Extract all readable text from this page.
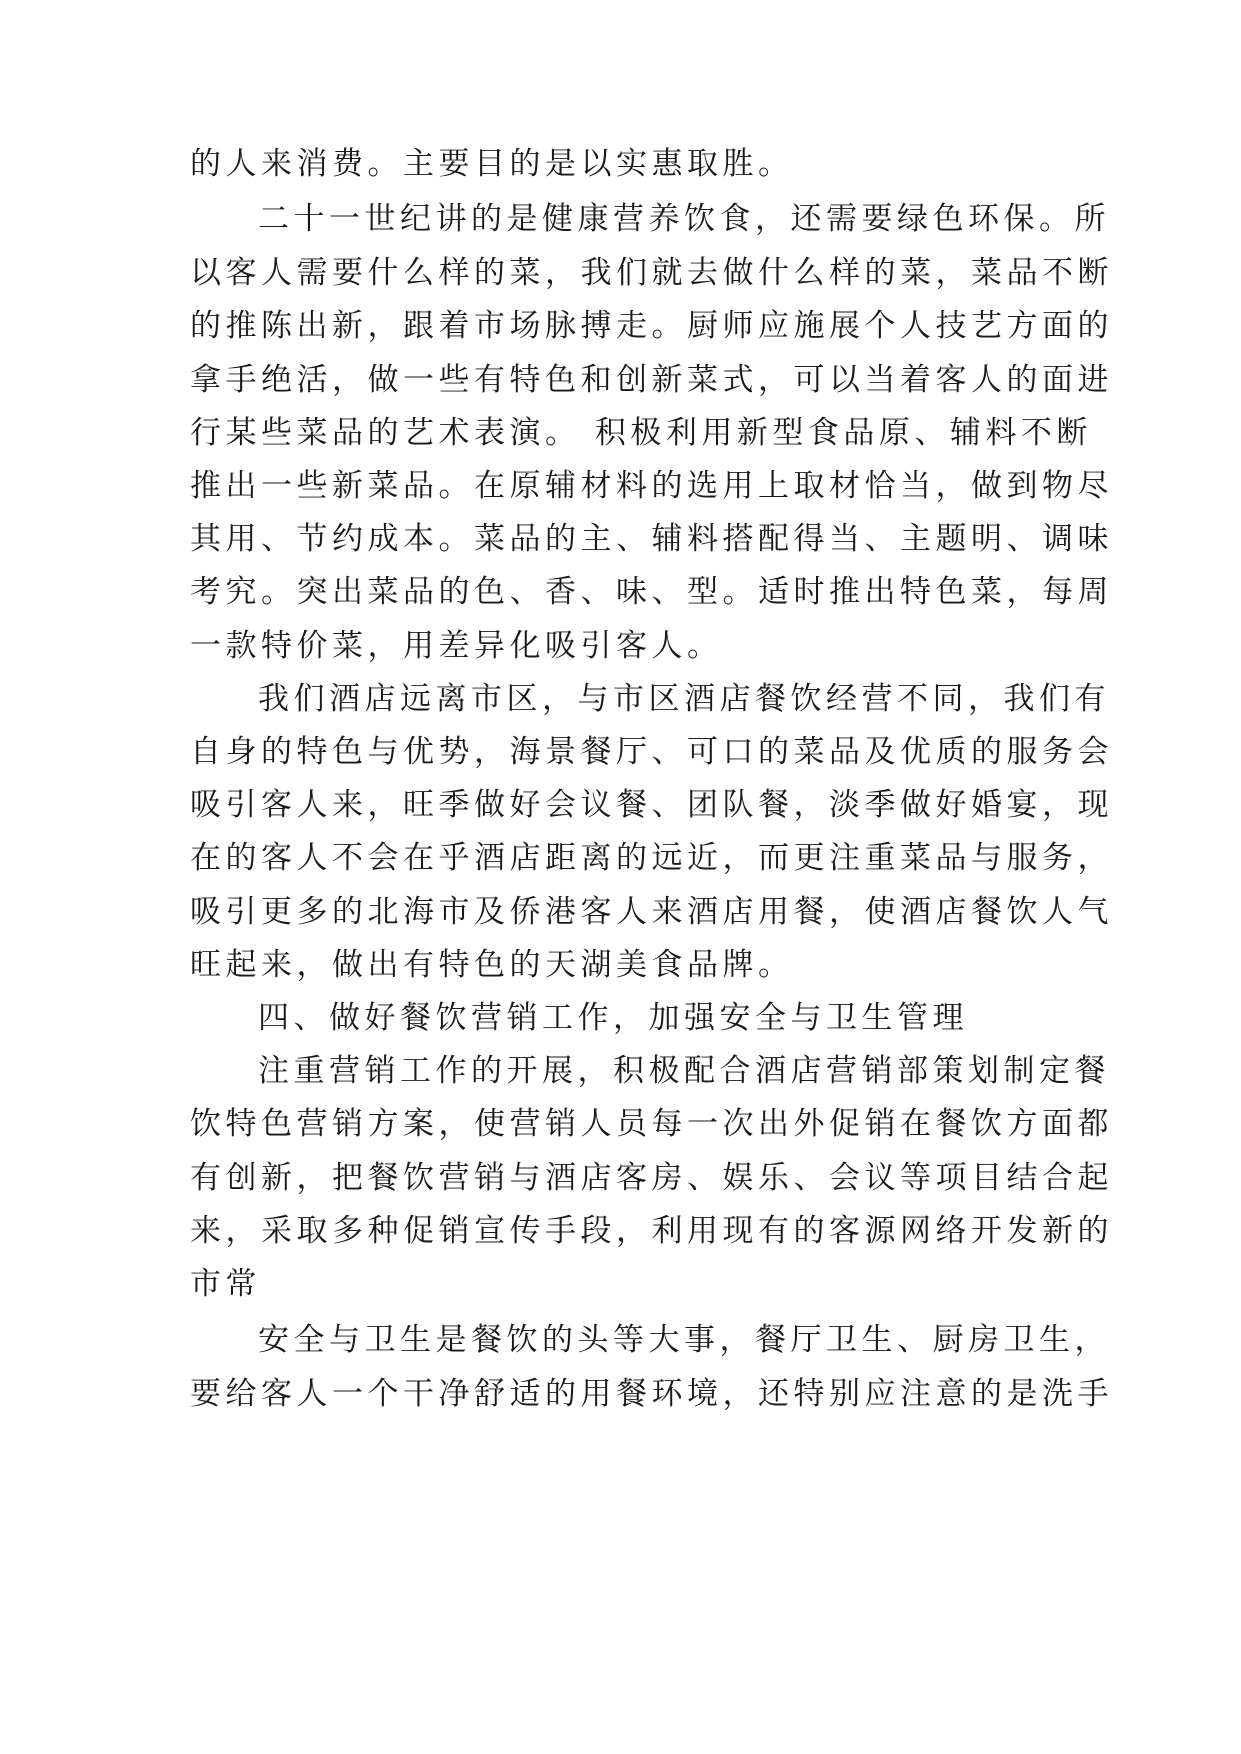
的人来消费。主要目的是以实惠取胜。
二十一世纪讲的是健康营养饮食，还需要绿色环保。所
以客人需要什么样的菜，我们就去做什么样的菜，菜品不断
的推陈出新，跟着市场脉搏走。厨师应施展个人技艺方面的
拿手绝活，做一些有特色和创新菜式，可以当着客人的面进
行某些菜品的艺术表演。 积极利用新型食品原、辅料不断
推出一些新菜品。在原辅材料的选用上取材恰当，做到物尽
其用、节约成本。菜品的主、辅料搭配得当、主题明、调味
考究。突出菜品的色、香、味、型。适时推出特色菜，每周
一款特价菜，用差异化吸引客人。
我们酒店远离市区，与市区酒店餐饮经营不同，我们有
自身的特色与优势，海景餐厅、可口的菜品及优质的服务会
吸引客人来，旺季做好会议餐、团队餐，淡季做好婚宴，现
在的客人不会在乎酒店距离的远近，而更注重菜品与服务，
吸引更多的北海市及侨港客人来酒店用餐，使酒店餐饮人气
旺起来，做出有特色的天湖美食品牌。
四、做好餐饮营销工作，加强安全与卫生管理
注重营销工作的开展，积极配合酒店营销部策划制定餐
饮特色营销方案，使营销人员每一次出外促销在餐饮方面都
有创新，把餐饮营销与酒店客房、娱乐、会议等项目结合起
来，采取多种促销宣传手段，利用现有的客源网络开发新的
市常
安全与卫生是餐饮的头等大事，餐厅卫生、厨房卫生，
要给客人一个干净舒适的用餐环境，还特别应注意的是洗手
